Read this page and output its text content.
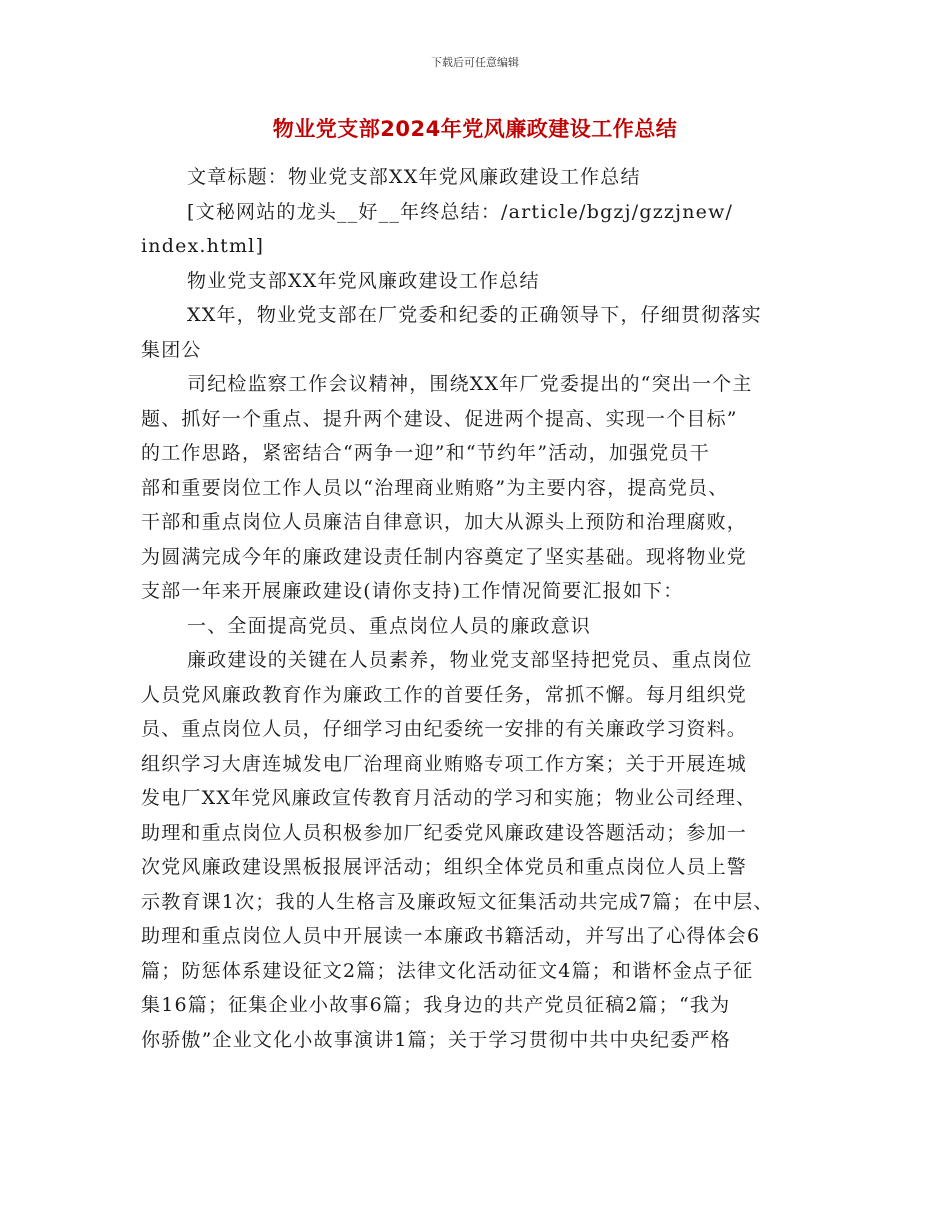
下载后可任意编辑
物业党支部2024年党风廉政建设工作总结
文章标题：物业党支部XX年党风廉政建设工作总结
[文秘网站的龙头__好__年终总结：/article/bgzj/gzzjnew/
index.html]
物业党支部XX年党风廉政建设工作总结
XX年，物业党支部在厂党委和纪委的正确领导下，仔细贯彻落实
集团公
司纪检监察工作会议精神，围绕XX年厂党委提出的“突出一个主
题、抓好一个重点、提升两个建设、促进两个提高、实现一个目标”
的工作思路，紧密结合“两争一迎”和“节约年”活动，加强党员干
部和重要岗位工作人员以“治理商业贿赂”为主要内容，提高党员、
干部和重点岗位人员廉洁自律意识，加大从源头上预防和治理腐败，
为圆满完成今年的廉政建设责任制内容奠定了坚实基础。现将物业党
支部一年来开展廉政建设(请你支持)工作情况简要汇报如下：
一、全面提高党员、重点岗位人员的廉政意识
廉政建设的关键在人员素养，物业党支部坚持把党员、重点岗位
人员党风廉政教育作为廉政工作的首要任务，常抓不懈。每月组织党
员、重点岗位人员，仔细学习由纪委统一安排的有关廉政学习资料。
组织学习大唐连城发电厂治理商业贿赂专项工作方案；关于开展连城
发电厂XX年党风廉政宣传教育月活动的学习和实施；物业公司经理、
助理和重点岗位人员积极参加厂纪委党风廉政建设答题活动；参加一
次党风廉政建设黑板报展评活动；组织全体党员和重点岗位人员上警
示教育课1次；我的人生格言及廉政短文征集活动共完成7篇；在中层、
助理和重点岗位人员中开展读一本廉政书籍活动，并写出了心得体会6
篇；防惩体系建设征文2篇；法律文化活动征文4篇；和谐杯金点子征
集16篇；征集企业小故事6篇；我身边的共产党员征稿2篇；“我为
你骄傲”企业文化小故事演讲1篇；关于学习贯彻中共中央纪委严格
